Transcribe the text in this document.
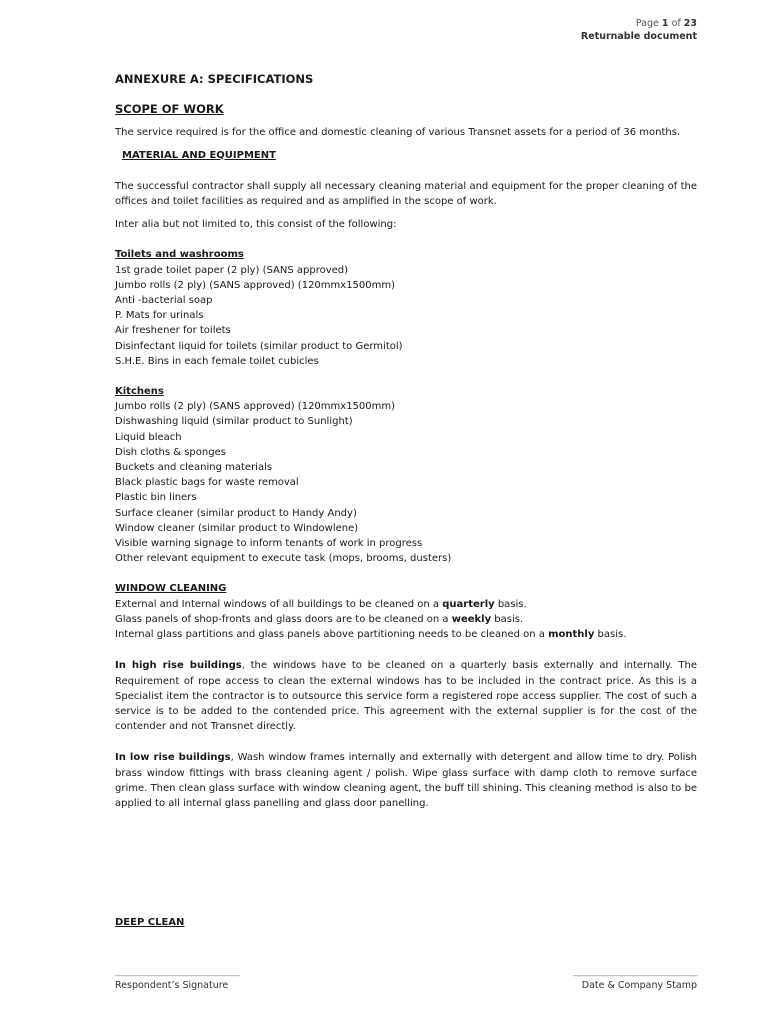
Page 1 of 23
Returnable document

ANNEXURE A: SPECIFICATIONS

SCOPE OF WORK

The service required is for the office and domestic cleaning of various Transnet assets for a period of 36 months.

MATERIAL AND EQUIPMENT

The successful contractor shall supply all necessary cleaning material and equipment for the proper cleaning of the offices and toilet facilities as required and as amplified in the scope of work.

Inter alia but not limited to, this consist of the following:

Toilets and washrooms
1st grade toilet paper (2 ply) (SANS approved)
Jumbo rolls (2 ply) (SANS approved) (120mmx1500mm)
Anti -bacterial soap
P. Mats for urinals
Air freshener for toilets
Disinfectant liquid for toilets (similar product to Germitol)
S.H.E. Bins in each female toilet cubicles
Kitchens
Jumbo rolls (2 ply) (SANS approved) (120mmx1500mm)
Dishwashing liquid (similar product to Sunlight)
Liquid bleach
Dish cloths & sponges
Buckets and cleaning materials
Black plastic bags for waste removal
Plastic bin liners
Surface cleaner (similar product to Handy Andy)
Window cleaner (similar product to Windowlene)
Visible warning signage to inform tenants of work in progress
Other relevant equipment to execute task (mops, brooms, dusters)
WINDOW CLEANING
External and Internal windows of all buildings to be cleaned on a quarterly basis.
Glass panels of shop-fronts and glass doors are to be cleaned on a weekly basis.
Internal glass partitions and glass panels above partitioning needs to be cleaned on a monthly basis.

In high rise buildings, the windows have to be cleaned on a quarterly basis externally and internally. The Requirement of rope access to clean the external windows has to be included in the contract price. As this is a Specialist item the contractor is to outsource this service form a registered rope access supplier. The cost of such a service is to be added to the contended price. This agreement with the external supplier is for the cost of the contender and not Transnet directly.

In low rise buildings, Wash window frames internally and externally with detergent and allow time to dry. Polish brass window fittings with brass cleaning agent / polish. Wipe glass surface with damp cloth to remove surface grime. Then clean glass surface with window cleaning agent, the buff till shining. This cleaning method is also to be applied to all internal glass panelling and glass door panelling.

DEEP CLEAN
_______________________________
Respondent’s Signature
_______________________________
Date & Company Stamp
